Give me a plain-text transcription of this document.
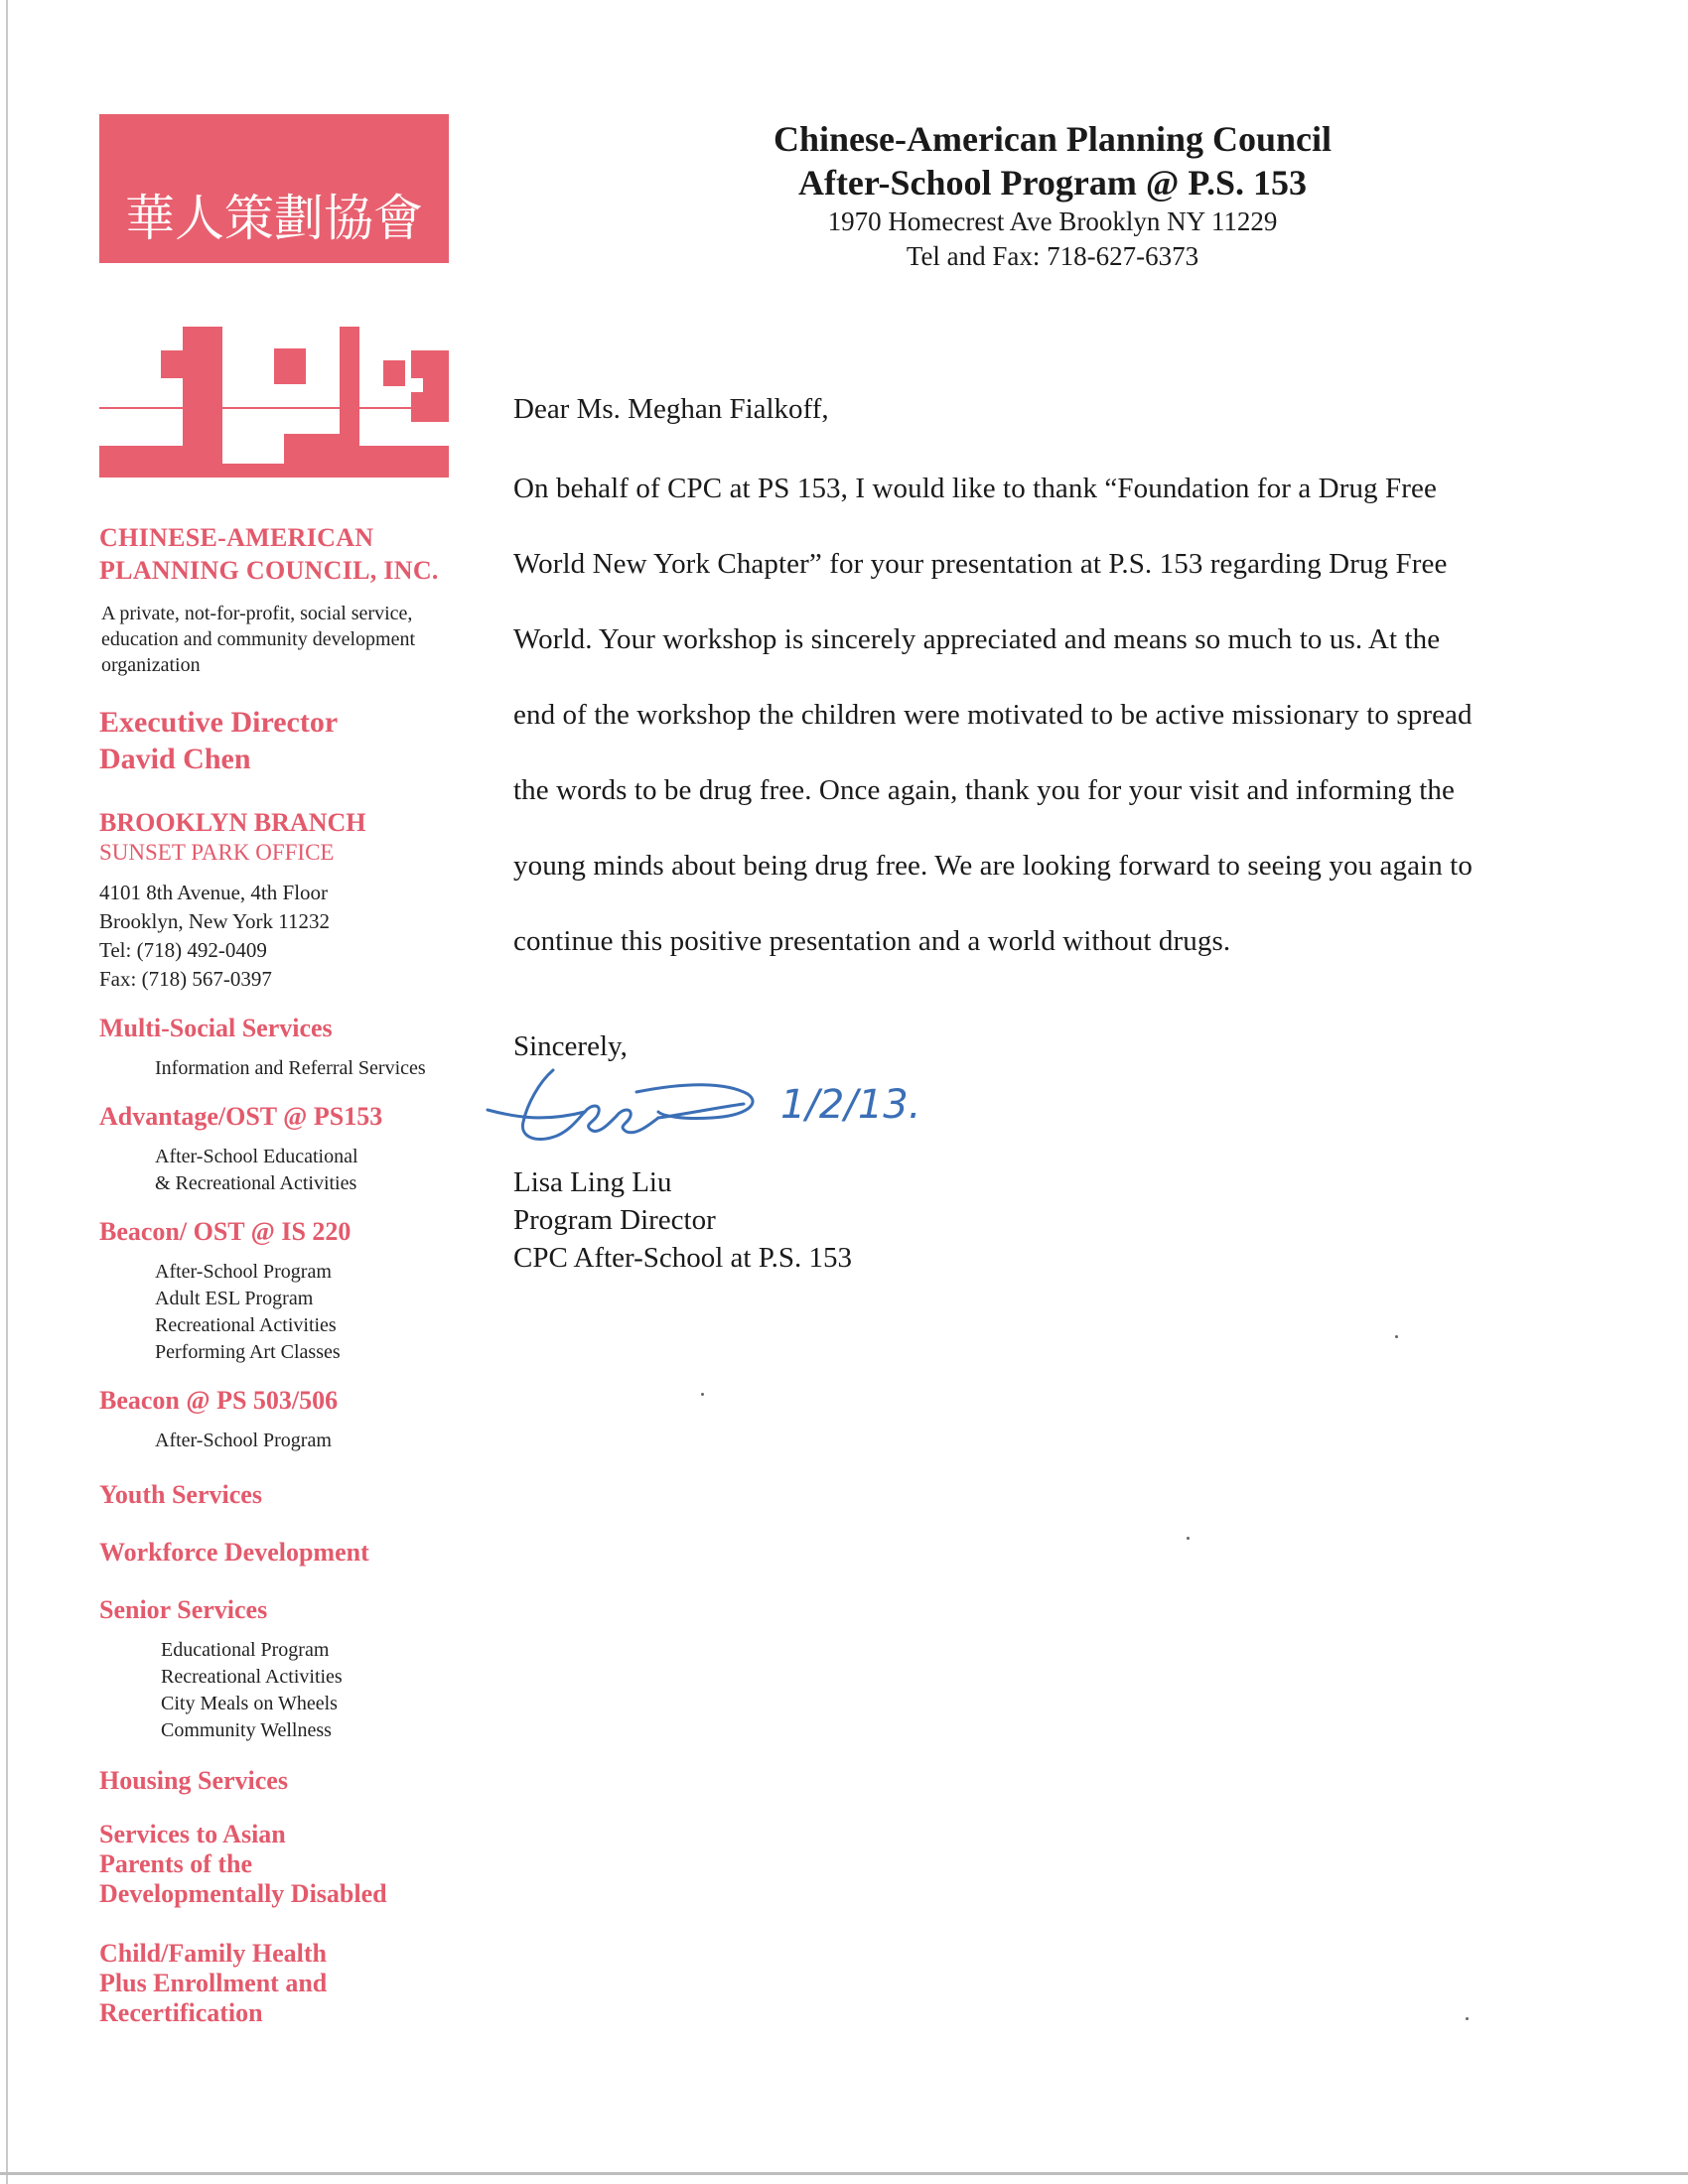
華人策劃協會
CHINESE-AMERICAN
PLANNING COUNCIL, INC.
A private, not-for-profit, social service, education and community development organization
Executive Director
David Chen
BROOKLYN BRANCH
SUNSET PARK OFFICE
4101 8th Avenue, 4th Floor
Brooklyn, New York 11232
Tel: (718) 492-0409
Fax: (718) 567-0397
Multi-Social Services
Information and Referral Services
Advantage/OST @ PS153
After-School Educational
& Recreational Activities
Beacon/ OST @ IS 220
After-School Program
Adult ESL Program
Recreational Activities
Performing Art Classes
Beacon @ PS 503/506
After-School Program
Youth Services
Workforce Development
Senior Services
Educational Program
Recreational Activities
City Meals on Wheels
Community Wellness
Housing Services
Services to Asian
Parents of the
Developmentally Disabled
Child/Family Health
Plus Enrollment and
Recertification
Chinese-American Planning Council
After-School Program @ P.S. 153
1970 Homecrest Ave Brooklyn NY 11229
Tel and Fax: 718-627-6373
Dear Ms. Meghan Fialkoff,
On behalf of CPC at PS 153, I would like to thank “Foundation for a Drug Free
World New York Chapter” for your presentation at P.S. 153 regarding Drug Free
World. Your workshop is sincerely appreciated and means so much to us. At the
end of the workshop the children were motivated to be active missionary to spread
the words to be drug free. Once again, thank you for your visit and informing the
young minds about being drug free. We are looking forward to seeing you again to
continue this positive presentation and a world without drugs.
Sincerely,
1/2/13.
Lisa Ling Liu
Program Director
CPC After-School at P.S. 153
